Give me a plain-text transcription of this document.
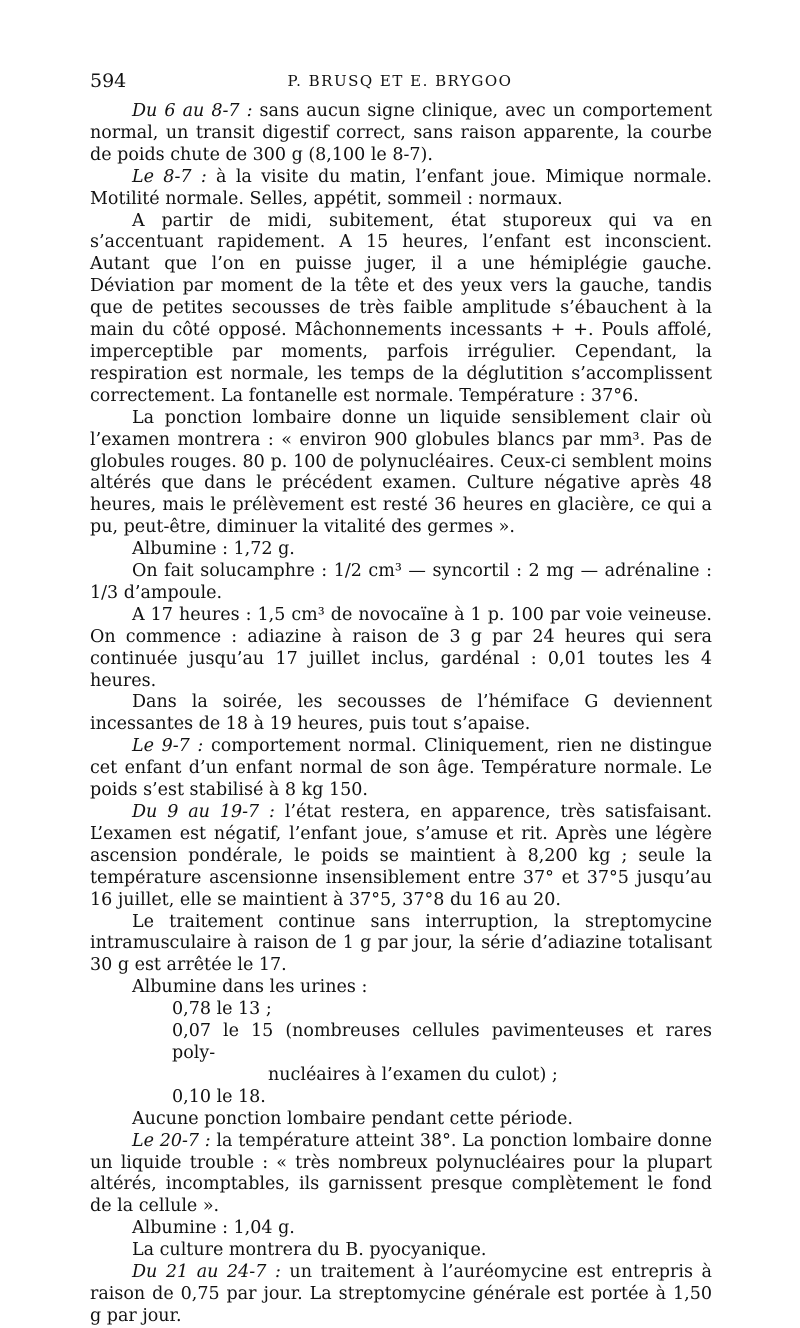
594	P. BRUSQ ET E. BRYGOO

Du 6 au 8-7 : sans aucun signe clinique, avec un comportement normal, un transit digestif correct, sans raison apparente, la courbe de poids chute de 300 g (8,100 le 8-7).

Le 8-7 : à la visite du matin, l’enfant joue. Mimique normale. Motilité normale. Selles, appétit, sommeil : normaux.

A partir de midi, subitement, état stuporeux qui va en s’accentuant rapidement. A 15 heures, l’enfant est inconscient. Autant que l’on en puisse juger, il a une hémiplégie gauche. Déviation par moment de la tête et des yeux vers la gauche, tandis que de petites secousses de très faible amplitude s’ébauchent à la main du côté opposé. Mâchonnements incessants + +. Pouls affolé, imperceptible par moments, parfois irrégulier. Cependant, la respiration est normale, les temps de la déglutition s’accomplissent correctement. La fontanelle est normale. Température : 37°6.

La ponction lombaire donne un liquide sensiblement clair où l’examen montrera : « environ 900 globules blancs par mm³. Pas de globules rouges. 80 p. 100 de polynucléaires. Ceux-ci semblent moins altérés que dans le précédent examen. Culture négative après 48 heures, mais le prélèvement est resté 36 heures en glacière, ce qui a pu, peut-être, diminuer la vitalité des germes ».

Albumine : 1,72 g.

On fait solucamphre : 1/2 cm³ — syncortil : 2 mg — adrénaline : 1/3 d’ampoule.

A 17 heures : 1,5 cm³ de novocaïne à 1 p. 100 par voie veineuse. On commence : adiazine à raison de 3 g par 24 heures qui sera continuée jusqu’au 17 juillet inclus, gardénal : 0,01 toutes les 4 heures.

Dans la soirée, les secousses de l’hémiface G deviennent incessantes de 18 à 19 heures, puis tout s’apaise.

Le 9-7 : comportement normal. Cliniquement, rien ne distingue cet enfant d’un enfant normal de son âge. Température normale. Le poids s’est stabilisé à 8 kg 150.

Du 9 au 19-7 : l’état restera, en apparence, très satisfaisant. L’examen est négatif, l’enfant joue, s’amuse et rit. Après une légère ascension pondérale, le poids se maintient à 8,200 kg ; seule la température ascensionne insensiblement entre 37° et 37°5 jusqu’au 16 juillet, elle se maintient à 37°5, 37°8 du 16 au 20.

Le traitement continue sans interruption, la streptomycine intramusculaire à raison de 1 g par jour, la série d’adiazine totalisant 30 g est arrêtée le 17.

Albumine dans les urines :

0,78 le 13 ;
0,07 le 15 (nombreuses cellules pavimenteuses et rares poly-
nucléaires à l’examen du culot) ;
0,10 le 18.

Aucune ponction lombaire pendant cette période.

Le 20-7 : la température atteint 38°. La ponction lombaire donne un liquide trouble : « très nombreux polynucléaires pour la plupart altérés, incomptables, ils garnissent presque complètement le fond de la cellule ».

Albumine : 1,04 g.

La culture montrera du B. pyocyanique.

Du 21 au 24-7 : un traitement à l’auréomycine est entrepris à raison de 0,75 par jour. La streptomycine générale est portée à 1,50 g par jour.
